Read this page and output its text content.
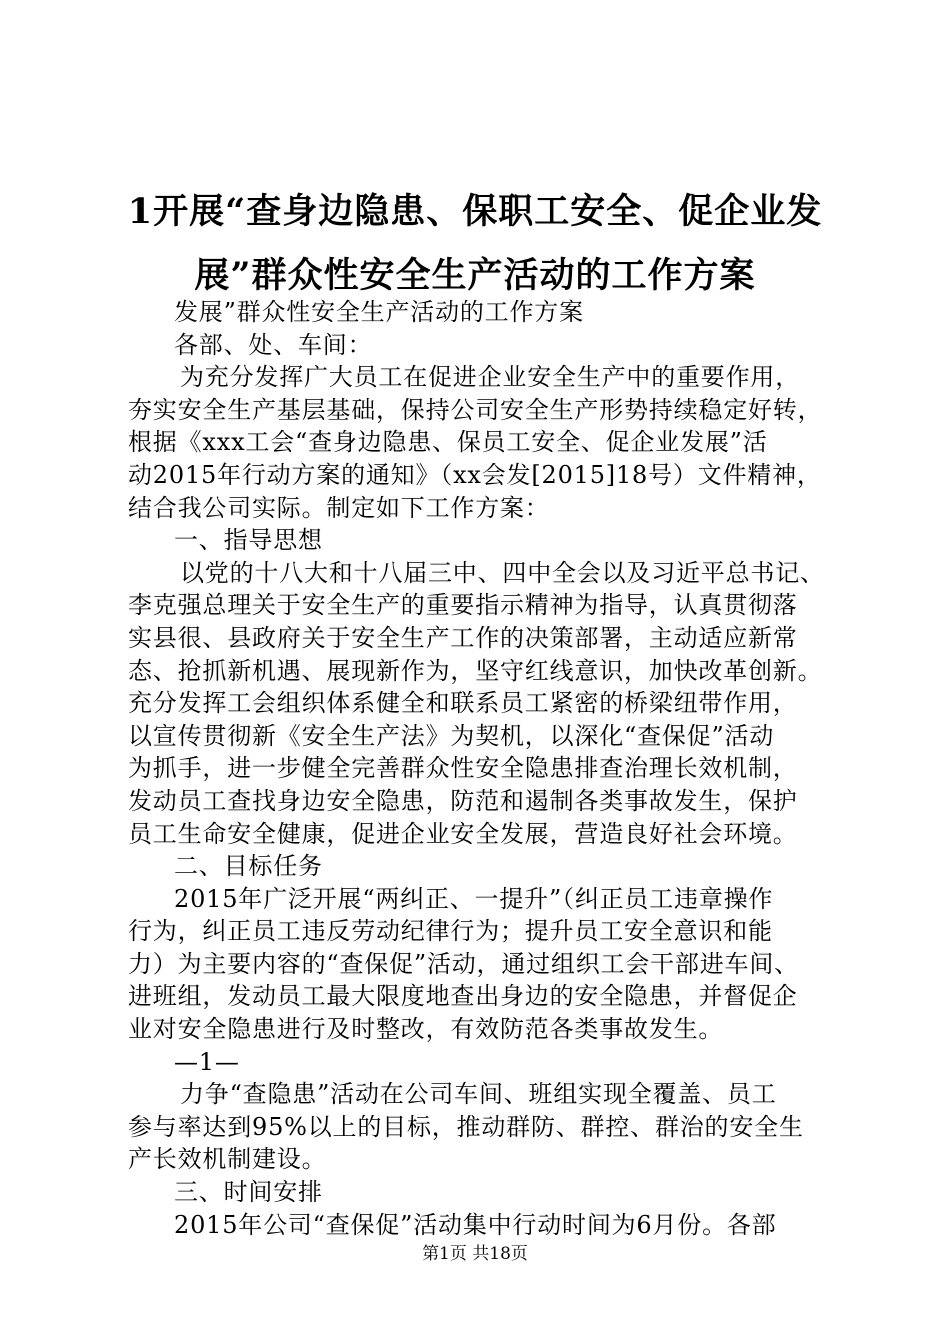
1开展“查身边隐患、保职工安全、促企业发
展”群众性安全生产活动的工作方案
发展”群众性安全生产活动的工作方案
各部、处、车间：
为充分发挥广大员工在促进企业安全生产中的重要作用，
夯实安全生产基层基础，保持公司安全生产形势持续稳定好转，
根据《xxx工会“查身边隐患、保员工安全、促企业发展”活
动2015年行动方案的通知》（xx会发[2015]18号）文件精神，
结合我公司实际。制定如下工作方案：
一、指导思想
以党的十八大和十八届三中、四中全会以及习近平总书记、
李克强总理关于安全生产的重要指示精神为指导，认真贯彻落
实县很、县政府关于安全生产工作的决策部署，主动适应新常
态、抢抓新机遇、展现新作为，坚守红线意识，加快改革创新。
充分发挥工会组织体系健全和联系员工紧密的桥梁纽带作用，
以宣传贯彻新《安全生产法》为契机，以深化“查保促”活动
为抓手，进一步健全完善群众性安全隐患排查治理长效机制，
发动员工查找身边安全隐患，防范和遏制各类事故发生，保护
员工生命安全健康，促进企业安全发展，营造良好社会环境。
二、目标任务
2015年广泛开展“两纠正、一提升”（纠正员工违章操作
行为，纠正员工违反劳动纪律行为；提升员工安全意识和能
力）为主要内容的“查保促”活动，通过组织工会干部进车间、
进班组，发动员工最大限度地查出身边的安全隐患，并督促企
业对安全隐患进行及时整改，有效防范各类事故发生。
—1—
力争“查隐患”活动在公司车间、班组实现全覆盖、员工
参与率达到95%以上的目标，推动群防、群控、群治的安全生
产长效机制建设。
三、时间安排
2015年公司“查保促”活动集中行动时间为6月份。各部
第1页 共18页
